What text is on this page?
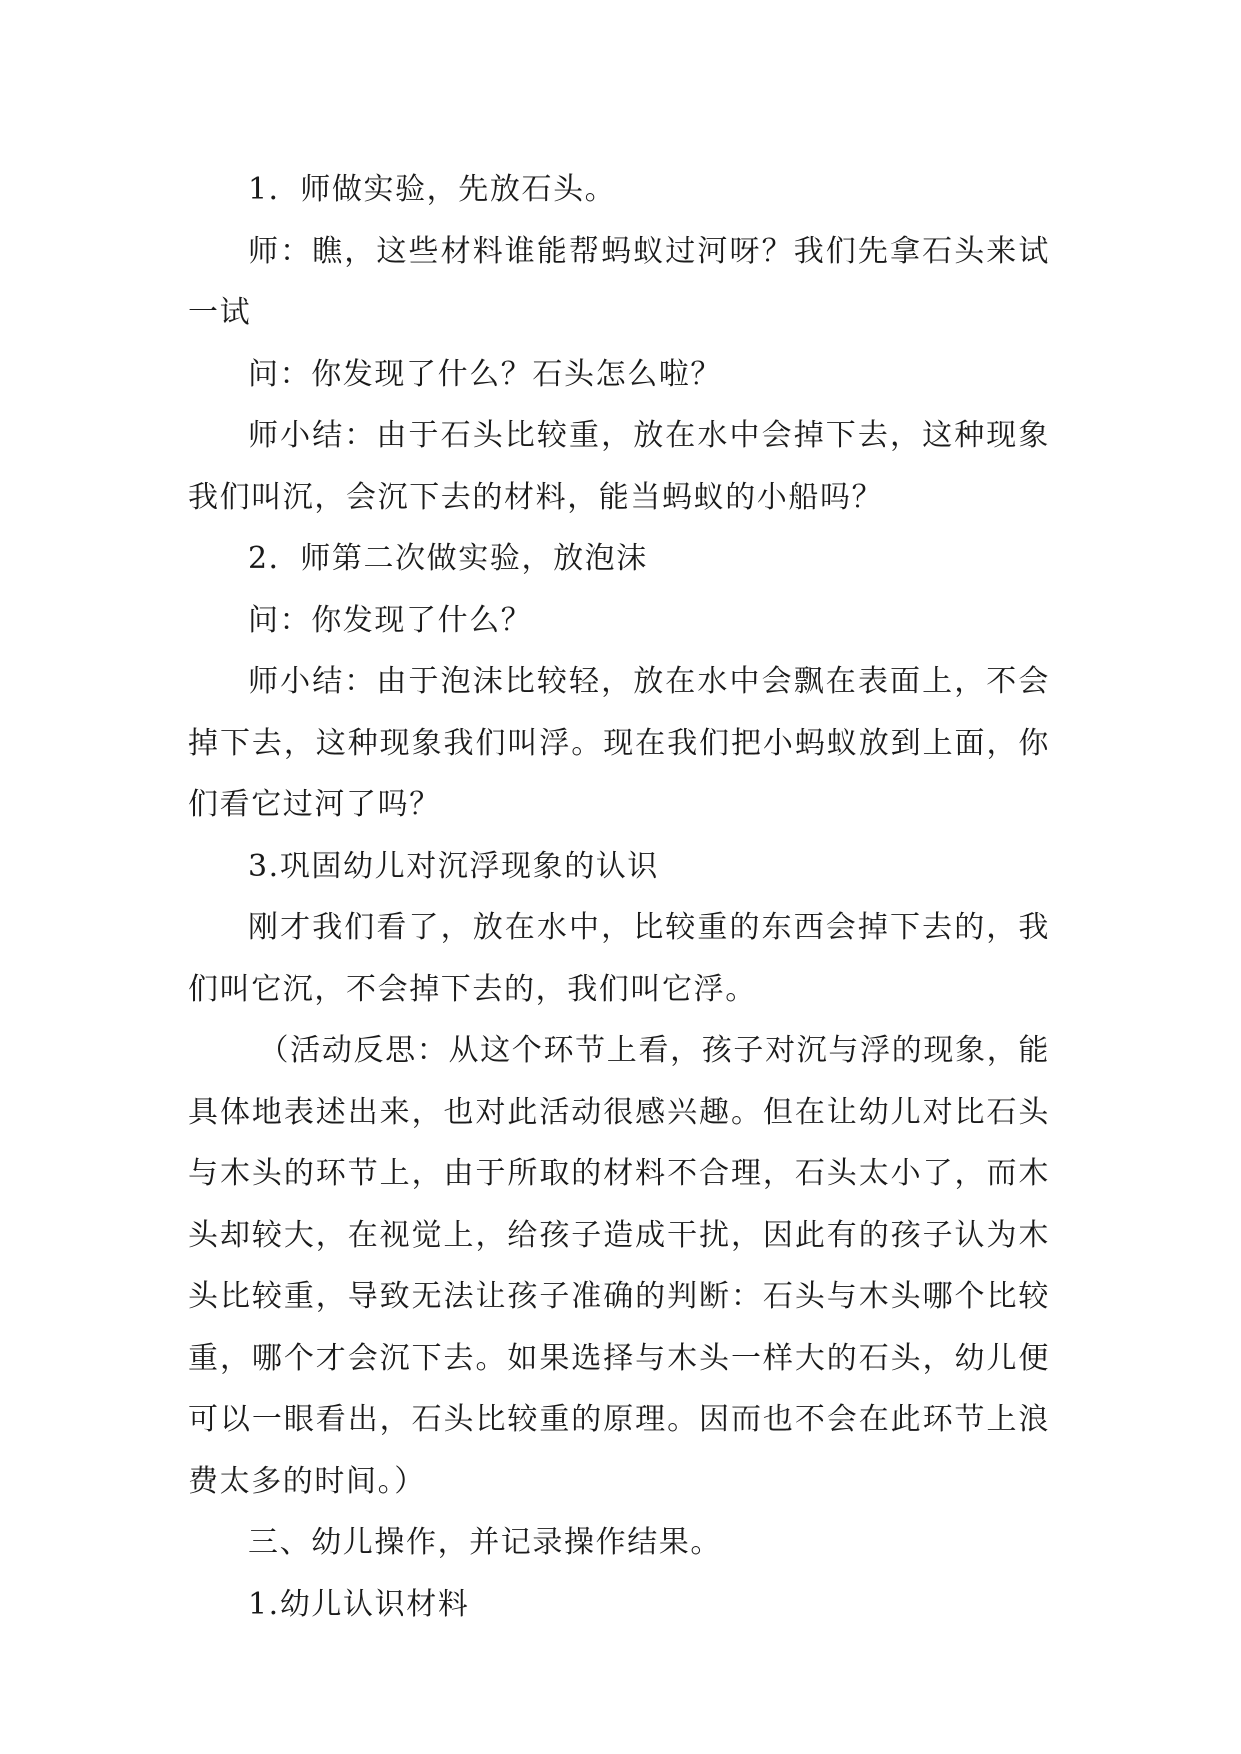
1．师做实验，先放石头。

师：瞧，这些材料谁能帮蚂蚁过河呀？我们先拿石头来试一试

问：你发现了什么？石头怎么啦？

师小结：由于石头比较重，放在水中会掉下去，这种现象我们叫沉，会沉下去的材料，能当蚂蚁的小船吗？

2．师第二次做实验，放泡沫

问：你发现了什么？

师小结：由于泡沫比较轻，放在水中会飘在表面上，不会掉下去，这种现象我们叫浮。现在我们把小蚂蚁放到上面，你们看它过河了吗？

3.巩固幼儿对沉浮现象的认识

刚才我们看了，放在水中，比较重的东西会掉下去的，我们叫它沉，不会掉下去的，我们叫它浮。

（活动反思：从这个环节上看，孩子对沉与浮的现象，能具体地表述出来，也对此活动很感兴趣。但在让幼儿对比石头与木头的环节上，由于所取的材料不合理，石头太小了，而木头却较大，在视觉上，给孩子造成干扰，因此有的孩子认为木头比较重，导致无法让孩子准确的判断：石头与木头哪个比较重，哪个才会沉下去。如果选择与木头一样大的石头，幼儿便可以一眼看出，石头比较重的原理。因而也不会在此环节上浪费太多的时间。）

三、幼儿操作，并记录操作结果。

1.幼儿认识材料
